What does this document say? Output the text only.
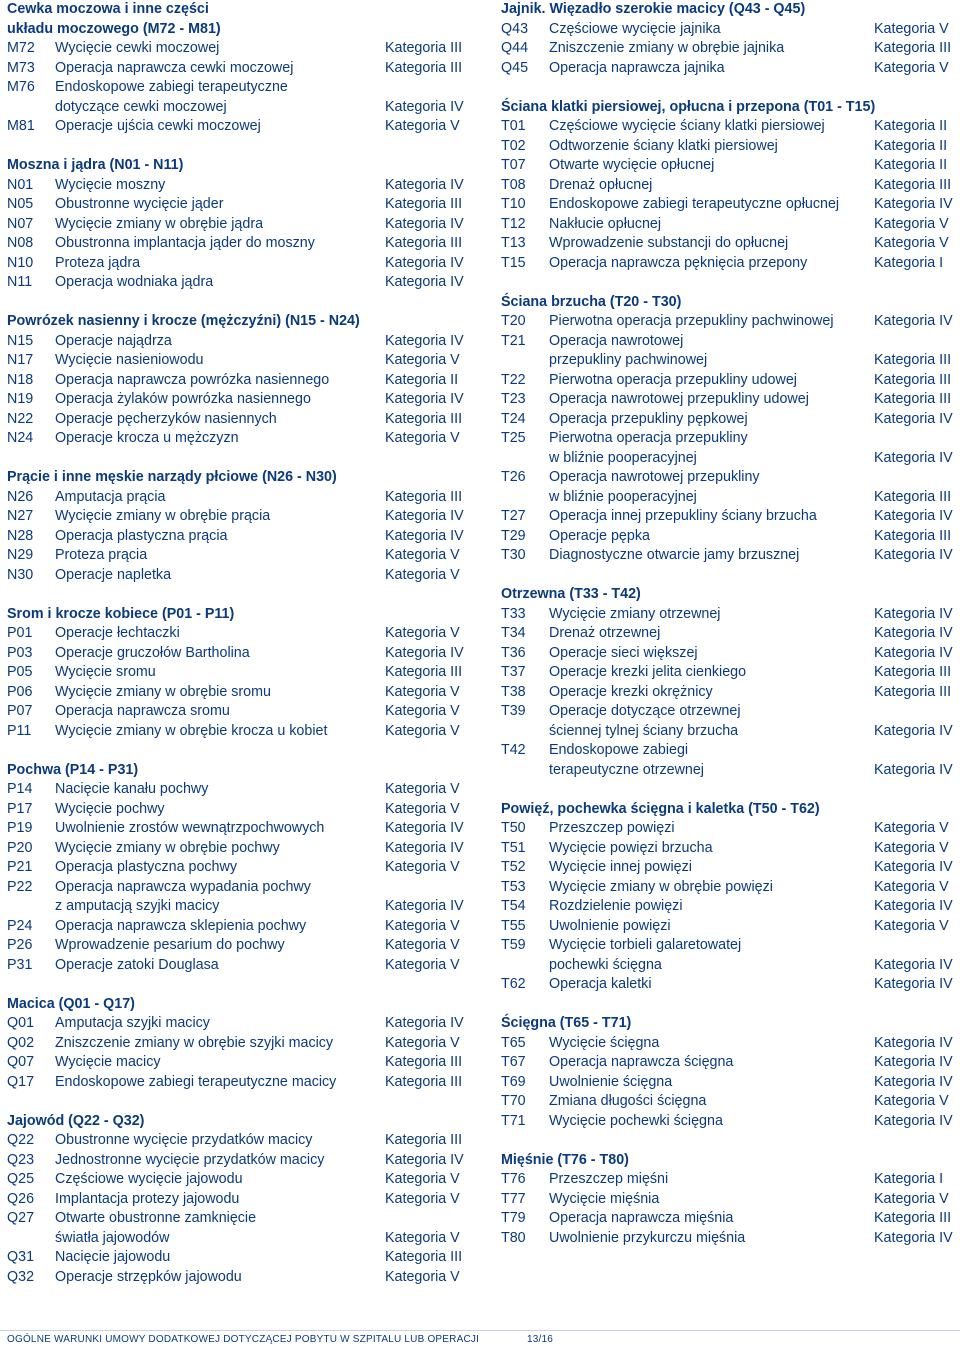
Cewka moczowa i inne części
układu moczowego (M72 - M81)
M72	Wycięcie cewki moczowej	Kategoria III
M73	Operacja naprawcza cewki moczowej	Kategoria III
M76	Endoskopowe zabiegi terapeutyczne
dotyczące cewki moczowej	Kategoria IV
M81	Operacje ujścia cewki moczowej	Kategoria V
Moszna i jądra (N01 - N11)
N01	Wycięcie moszny	Kategoria IV
N05	Obustronne wycięcie jąder	Kategoria III
N07	Wycięcie zmiany w obrębie jądra	Kategoria IV
N08	Obustronna implantacja jąder do moszny	Kategoria III
N10	Proteza jądra	Kategoria IV
N11	Operacja wodniaka jądra	Kategoria IV
Powrózek nasienny i krocze (mężczyźni) (N15 - N24)
N15	Operacje najądrza	Kategoria IV
N17	Wycięcie nasieniowodu	Kategoria V
N18	Operacja naprawcza powrózka nasiennego	Kategoria II
N19	Operacja żylaków powrózka nasiennego	Kategoria IV
N22	Operacje pęcherzyków nasiennych	Kategoria III
N24	Operacje krocza u mężczyzn	Kategoria V
Prącie i inne męskie narządy płciowe (N26 - N30)
N26	Amputacja prącia	Kategoria III
N27	Wycięcie zmiany w obrębie prącia	Kategoria IV
N28	Operacja plastyczna prącia	Kategoria IV
N29	Proteza prącia	Kategoria V
N30	Operacje napletka	Kategoria V
Srom i krocze kobiece (P01 - P11)
P01	Operacje łechtaczki	Kategoria V
P03	Operacje gruczołów Bartholina	Kategoria IV
P05	Wycięcie sromu	Kategoria III
P06	Wycięcie zmiany w obrębie sromu	Kategoria V
P07	Operacja naprawcza sromu	Kategoria V
P11	Wycięcie zmiany w obrębie krocza u kobiet	Kategoria V
Pochwa (P14 - P31)
P14	Nacięcie kanału pochwy	Kategoria V
P17	Wycięcie pochwy	Kategoria V
P19	Uwolnienie zrostów wewnątrzpochwowych	Kategoria IV
P20	Wycięcie zmiany w obrębie pochwy	Kategoria IV
P21	Operacja plastyczna pochwy	Kategoria V
P22	Operacja naprawcza wypadania pochwy
z amputacją szyjki macicy	Kategoria IV
P24	Operacja naprawcza sklepienia pochwy	Kategoria V
P26	Wprowadzenie pesarium do pochwy	Kategoria V
P31	Operacje zatoki Douglasa	Kategoria V
Macica (Q01 - Q17)
Q01	Amputacja szyjki macicy	Kategoria IV
Q02	Zniszczenie zmiany w obrębie szyjki macicy	Kategoria V
Q07	Wycięcie macicy	Kategoria III
Q17	Endoskopowe zabiegi terapeutyczne macicy	Kategoria III
Jajowód (Q22 - Q32)
Q22	Obustronne wycięcie przydatków macicy	Kategoria III
Q23	Jednostronne wycięcie przydatków macicy	Kategoria IV
Q25	Częściowe wycięcie jajowodu	Kategoria V
Q26	Implantacja protezy jajowodu	Kategoria V
Q27	Otwarte obustronne zamknięcie
światła jajowodów	Kategoria V
Q31	Nacięcie jajowodu	Kategoria III
Q32	Operacje strzępków jajowodu	Kategoria V
Jajnik. Więzadło szerokie macicy (Q43 - Q45)
Q43	Częściowe wycięcie jajnika	Kategoria V
Q44	Zniszczenie zmiany w obrębie jajnika	Kategoria III
Q45	Operacja naprawcza jajnika	Kategoria V
Ściana klatki piersiowej, opłucna i przepona (T01 - T15)
T01	Częściowe wycięcie ściany klatki piersiowej	Kategoria II
T02	Odtworzenie ściany klatki piersiowej	Kategoria II
T07	Otwarte wycięcie opłucnej	Kategoria II
T08	Drenaż opłucnej	Kategoria III
T10	Endoskopowe zabiegi terapeutyczne opłucnej	Kategoria IV
T12	Nakłucie opłucnej	Kategoria V
T13	Wprowadzenie substancji do opłucnej	Kategoria V
T15	Operacja naprawcza pęknięcia przepony	Kategoria I
Ściana brzucha (T20 - T30)
T20	Pierwotna operacja przepukliny pachwinowej	Kategoria IV
T21	Operacja nawrotowej
przepukliny pachwinowej	Kategoria III
T22	Pierwotna operacja przepukliny udowej	Kategoria III
T23	Operacja nawrotowej przepukliny udowej	Kategoria III
T24	Operacja przepukliny pępkowej	Kategoria IV
T25	Pierwotna operacja przepukliny
w bliźnie pooperacyjnej	Kategoria IV
T26	Operacja nawrotowej przepukliny
w bliźnie pooperacyjnej	Kategoria III
T27	Operacja innej przepukliny ściany brzucha	Kategoria IV
T29	Operacje pępka	Kategoria III
T30	Diagnostyczne otwarcie jamy brzusznej	Kategoria IV
Otrzewna (T33 - T42)
T33	Wycięcie zmiany otrzewnej	Kategoria IV
T34	Drenaż otrzewnej	Kategoria IV
T36	Operacje sieci większej	Kategoria IV
T37	Operacje krezki jelita cienkiego	Kategoria III
T38	Operacje krezki okrężnicy	Kategoria III
T39	Operacje dotyczące otrzewnej
ściennej tylnej ściany brzucha	Kategoria IV
T42	Endoskopowe zabiegi
terapeutyczne otrzewnej	Kategoria IV
Powięź, pochewka ścięgna i kaletka (T50 - T62)
T50	Przeszczep powięzi	Kategoria V
T51	Wycięcie powięzi brzucha	Kategoria V
T52	Wycięcie innej powięzi	Kategoria IV
T53	Wycięcie zmiany w obrębie powięzi	Kategoria V
T54	Rozdzielenie powięzi	Kategoria IV
T55	Uwolnienie powięzi	Kategoria V
T59	Wycięcie torbieli galaretowatej
pochewki ścięgna	Kategoria IV
T62	Operacja kaletki	Kategoria IV
Ścięgna (T65 - T71)
T65	Wycięcie ścięgna	Kategoria IV
T67	Operacja naprawcza ścięgna	Kategoria IV
T69	Uwolnienie ścięgna	Kategoria IV
T70	Zmiana długości ścięgna	Kategoria V
T71	Wycięcie pochewki ścięgna	Kategoria IV
Mięśnie (T76 - T80)
T76	Przeszczep mięśni	Kategoria I
T77	Wycięcie mięśnia	Kategoria V
T79	Operacja naprawcza mięśnia	Kategoria III
T80	Uwolnienie przykurczu mięśnia	Kategoria IV
OGÓLNE WARUNKI UMOWY DODATKOWEJ DOTYCZĄCEJ POBYTU W SZPITALU LUB OPERACJI	13/16
